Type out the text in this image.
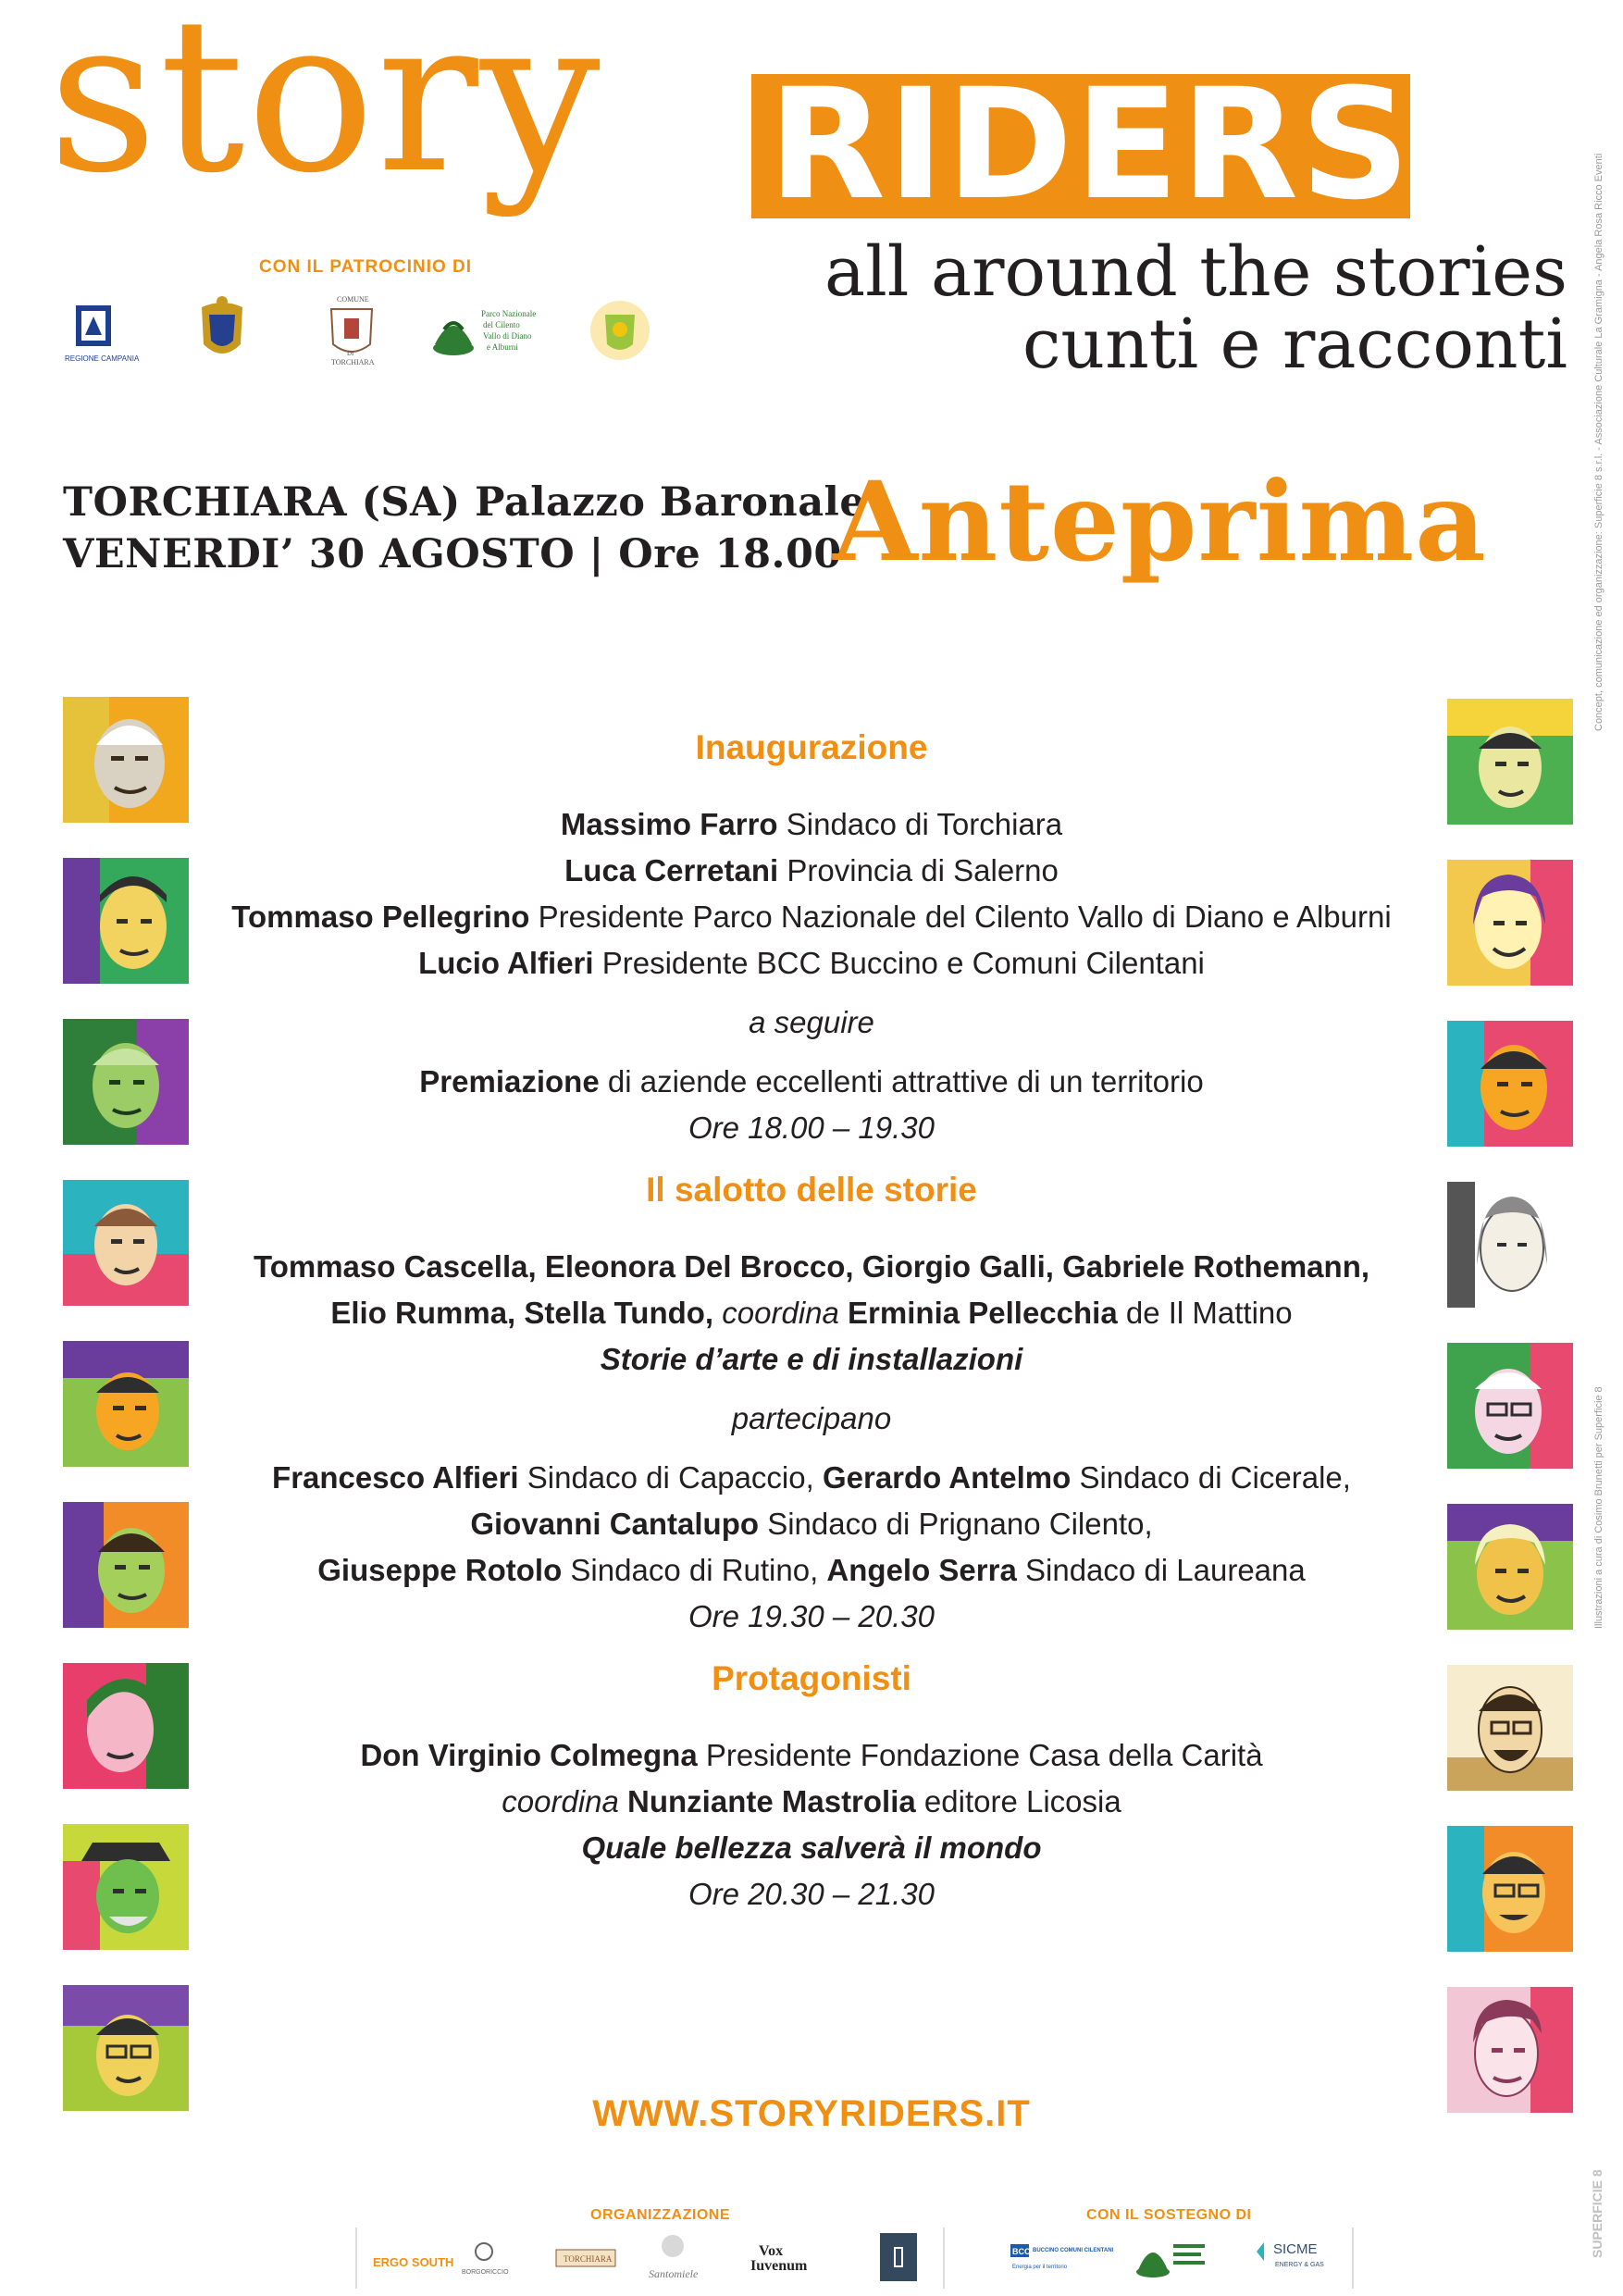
story RIDERS
all around the stories
cunti e racconti
CON IL PATROCINIO DI
REGIONE CAMPANIA
COMUNE
DI
TORCHIARA
Parco Nazionale
del Cilento
Vallo di Diano
e Alburni
TORCHIARA (SA) Palazzo Baronale
VENERDI’ 30 AGOSTO | Ore 18.00
Anteprima
Inaugurazione

Massimo Farro Sindaco di Torchiara

Luca Cerretani Provincia di Salerno

Tommaso Pellegrino Presidente Parco Nazionale del Cilento Vallo di Diano e Alburni

Lucio Alfieri Presidente BCC Buccino e Comuni Cilentani

a seguire

Premiazione di aziende eccellenti attrattive di un territorio

Ore 18.00 – 19.30

Il salotto delle storie

Tommaso Cascella, Eleonora Del Brocco, Giorgio Galli, Gabriele Rothemann,

Elio Rumma, Stella Tundo, coordina Erminia Pellecchia de Il Mattino

Storie d’arte e di installazioni

partecipano

Francesco Alfieri Sindaco di Capaccio, Gerardo Antelmo Sindaco di Cicerale,

Giovanni Cantalupo Sindaco di Prignano Cilento,

Giuseppe Rotolo Sindaco di Rutino, Angelo Serra Sindaco di Laureana

Ore 19.30 – 20.30

Protagonisti

Don Virginio Colmegna Presidente Fondazione Casa della Carità

coordina Nunziante Mastrolia editore Licosia

Quale bellezza salverà il mondo

Ore 20.30 – 21.30

WWW.STORYRIDERS.IT
ORGANIZZAZIONE
ERGO SOUTH
BORGORICCIO
TORCHIARA
Santomiele
Vox
Iuvenum
CON IL SOSTEGNO DI
BCC BUCCINO COMUNI CILENTANI
Energia per il territorio
SICME
ENERGY & GAS
Concept, comunicazione ed organizzazione: Superficie 8 s.r.l. - Associazione Culturale La Gramigna - Angela Rosa Ricco Eventi
Illustrazioni a cura di Cosimo Brunetti per Superficie 8
SUPERFICIE 8
